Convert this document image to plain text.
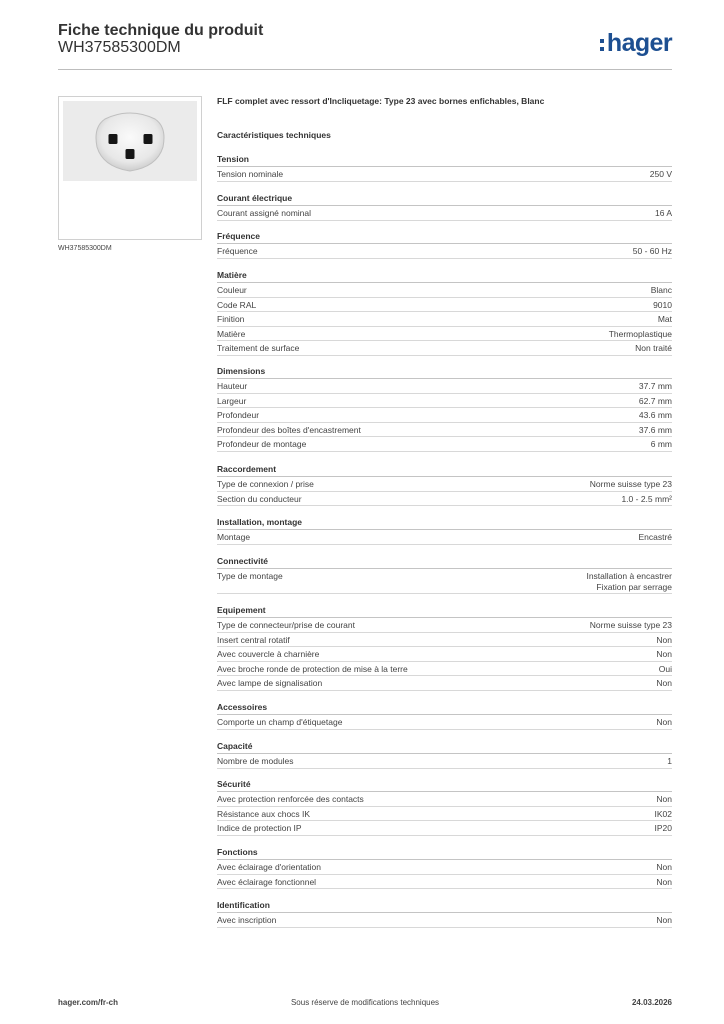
Fiche technique du produit
WH37585300DM	hager
WH37585300DM
FLF complet avec ressort d'Incliquetage: Type 23 avec bornes enfichables, Blanc
Caractéristiques techniques
Tension
Tension nominale	250 V
Courant électrique
Courant assigné nominal	16 A
Fréquence
Fréquence	50 - 60 Hz
Matière
Couleur	Blanc
Code RAL	9010
Finition	Mat
Matière	Thermoplastique
Traitement de surface	Non traité
Dimensions
Hauteur	37.7 mm
Largeur	62.7 mm
Profondeur	43.6 mm
Profondeur des boîtes d'encastrement	37.6 mm
Profondeur de montage	6 mm
Raccordement
Type de connexion / prise	Norme suisse type 23
Section du conducteur	1.0 - 2.5 mm²
Installation, montage
Montage	Encastré
Connectivité
Type de montage	Installation à encastrer
Fixation par serrage
Equipement
Type de connecteur/prise de courant	Norme suisse type 23
Insert central rotatif	Non
Avec couvercle à charnière	Non
Avec broche ronde de protection de mise à la terre	Oui
Avec lampe de signalisation	Non
Accessoires
Comporte un champ d'étiquetage	Non
Capacité
Nombre de modules	1
Sécurité
Avec protection renforcée des contacts	Non
Résistance aux chocs IK	IK02
Indice de protection IP	IP20
Fonctions
Avec éclairage d'orientation	Non
Avec éclairage fonctionnel	Non
Identification
Avec inscription	Non
hager.com/fr-ch	Sous réserve de modifications techniques	24.03.2026
